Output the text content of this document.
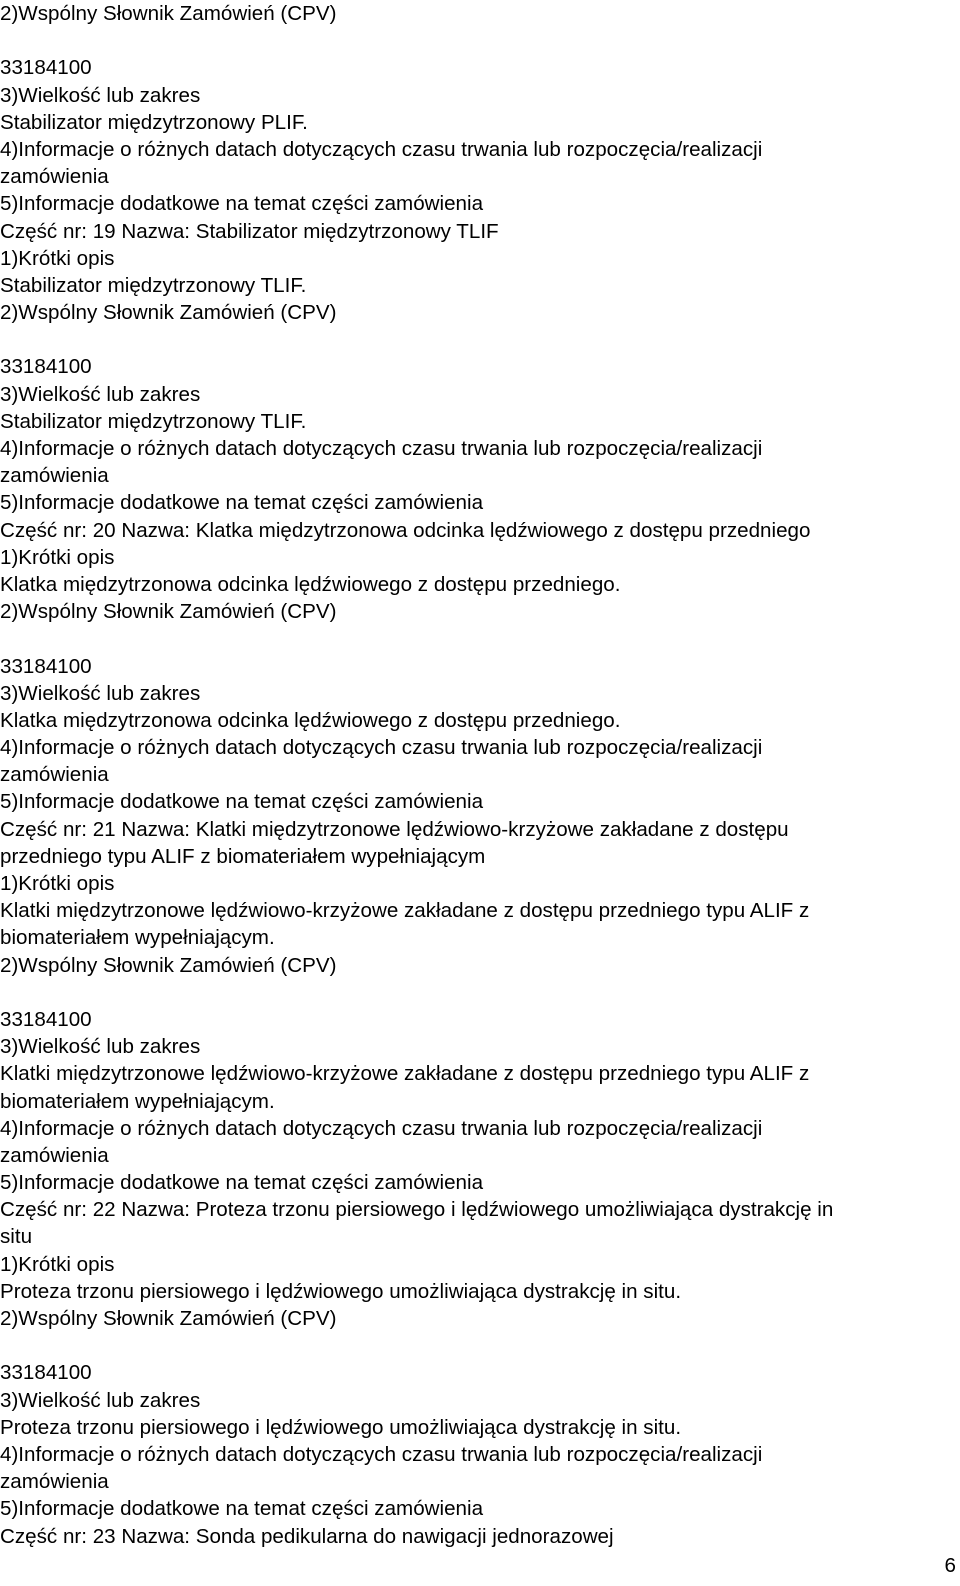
2)Wspólny Słownik Zamówień (CPV)
33184100
3)Wielkość lub zakres
Stabilizator międzytrzonowy PLIF.
4)Informacje o różnych datach dotyczących czasu trwania lub rozpoczęcia/realizacji
zamówienia
5)Informacje dodatkowe na temat części zamówienia
Część nr: 19 Nazwa: Stabilizator międzytrzonowy TLIF
1)Krótki opis
Stabilizator międzytrzonowy TLIF.
2)Wspólny Słownik Zamówień (CPV)
33184100
3)Wielkość lub zakres
Stabilizator międzytrzonowy TLIF.
4)Informacje o różnych datach dotyczących czasu trwania lub rozpoczęcia/realizacji
zamówienia
5)Informacje dodatkowe na temat części zamówienia
Część nr: 20 Nazwa: Klatka międzytrzonowa odcinka lędźwiowego z dostępu przedniego
1)Krótki opis
Klatka międzytrzonowa odcinka lędźwiowego z dostępu przedniego.
2)Wspólny Słownik Zamówień (CPV)
33184100
3)Wielkość lub zakres
Klatka międzytrzonowa odcinka lędźwiowego z dostępu przedniego.
4)Informacje o różnych datach dotyczących czasu trwania lub rozpoczęcia/realizacji
zamówienia
5)Informacje dodatkowe na temat części zamówienia
Część nr: 21 Nazwa: Klatki międzytrzonowe lędźwiowo-krzyżowe zakładane z dostępu
przedniego typu ALIF z biomateriałem wypełniającym
1)Krótki opis
Klatki międzytrzonowe lędźwiowo-krzyżowe zakładane z dostępu przedniego typu ALIF z
biomateriałem wypełniającym.
2)Wspólny Słownik Zamówień (CPV)
33184100
3)Wielkość lub zakres
Klatki międzytrzonowe lędźwiowo-krzyżowe zakładane z dostępu przedniego typu ALIF z
biomateriałem wypełniającym.
4)Informacje o różnych datach dotyczących czasu trwania lub rozpoczęcia/realizacji
zamówienia
5)Informacje dodatkowe na temat części zamówienia
Część nr: 22 Nazwa: Proteza trzonu piersiowego i lędźwiowego umożliwiająca dystrakcję in
situ
1)Krótki opis
Proteza trzonu piersiowego i lędźwiowego umożliwiająca dystrakcję in situ.
2)Wspólny Słownik Zamówień (CPV)
33184100
3)Wielkość lub zakres
Proteza trzonu piersiowego i lędźwiowego umożliwiająca dystrakcję in situ.
4)Informacje o różnych datach dotyczących czasu trwania lub rozpoczęcia/realizacji
zamówienia
5)Informacje dodatkowe na temat części zamówienia
Część nr: 23 Nazwa: Sonda pedikularna do nawigacji jednorazowej
6
